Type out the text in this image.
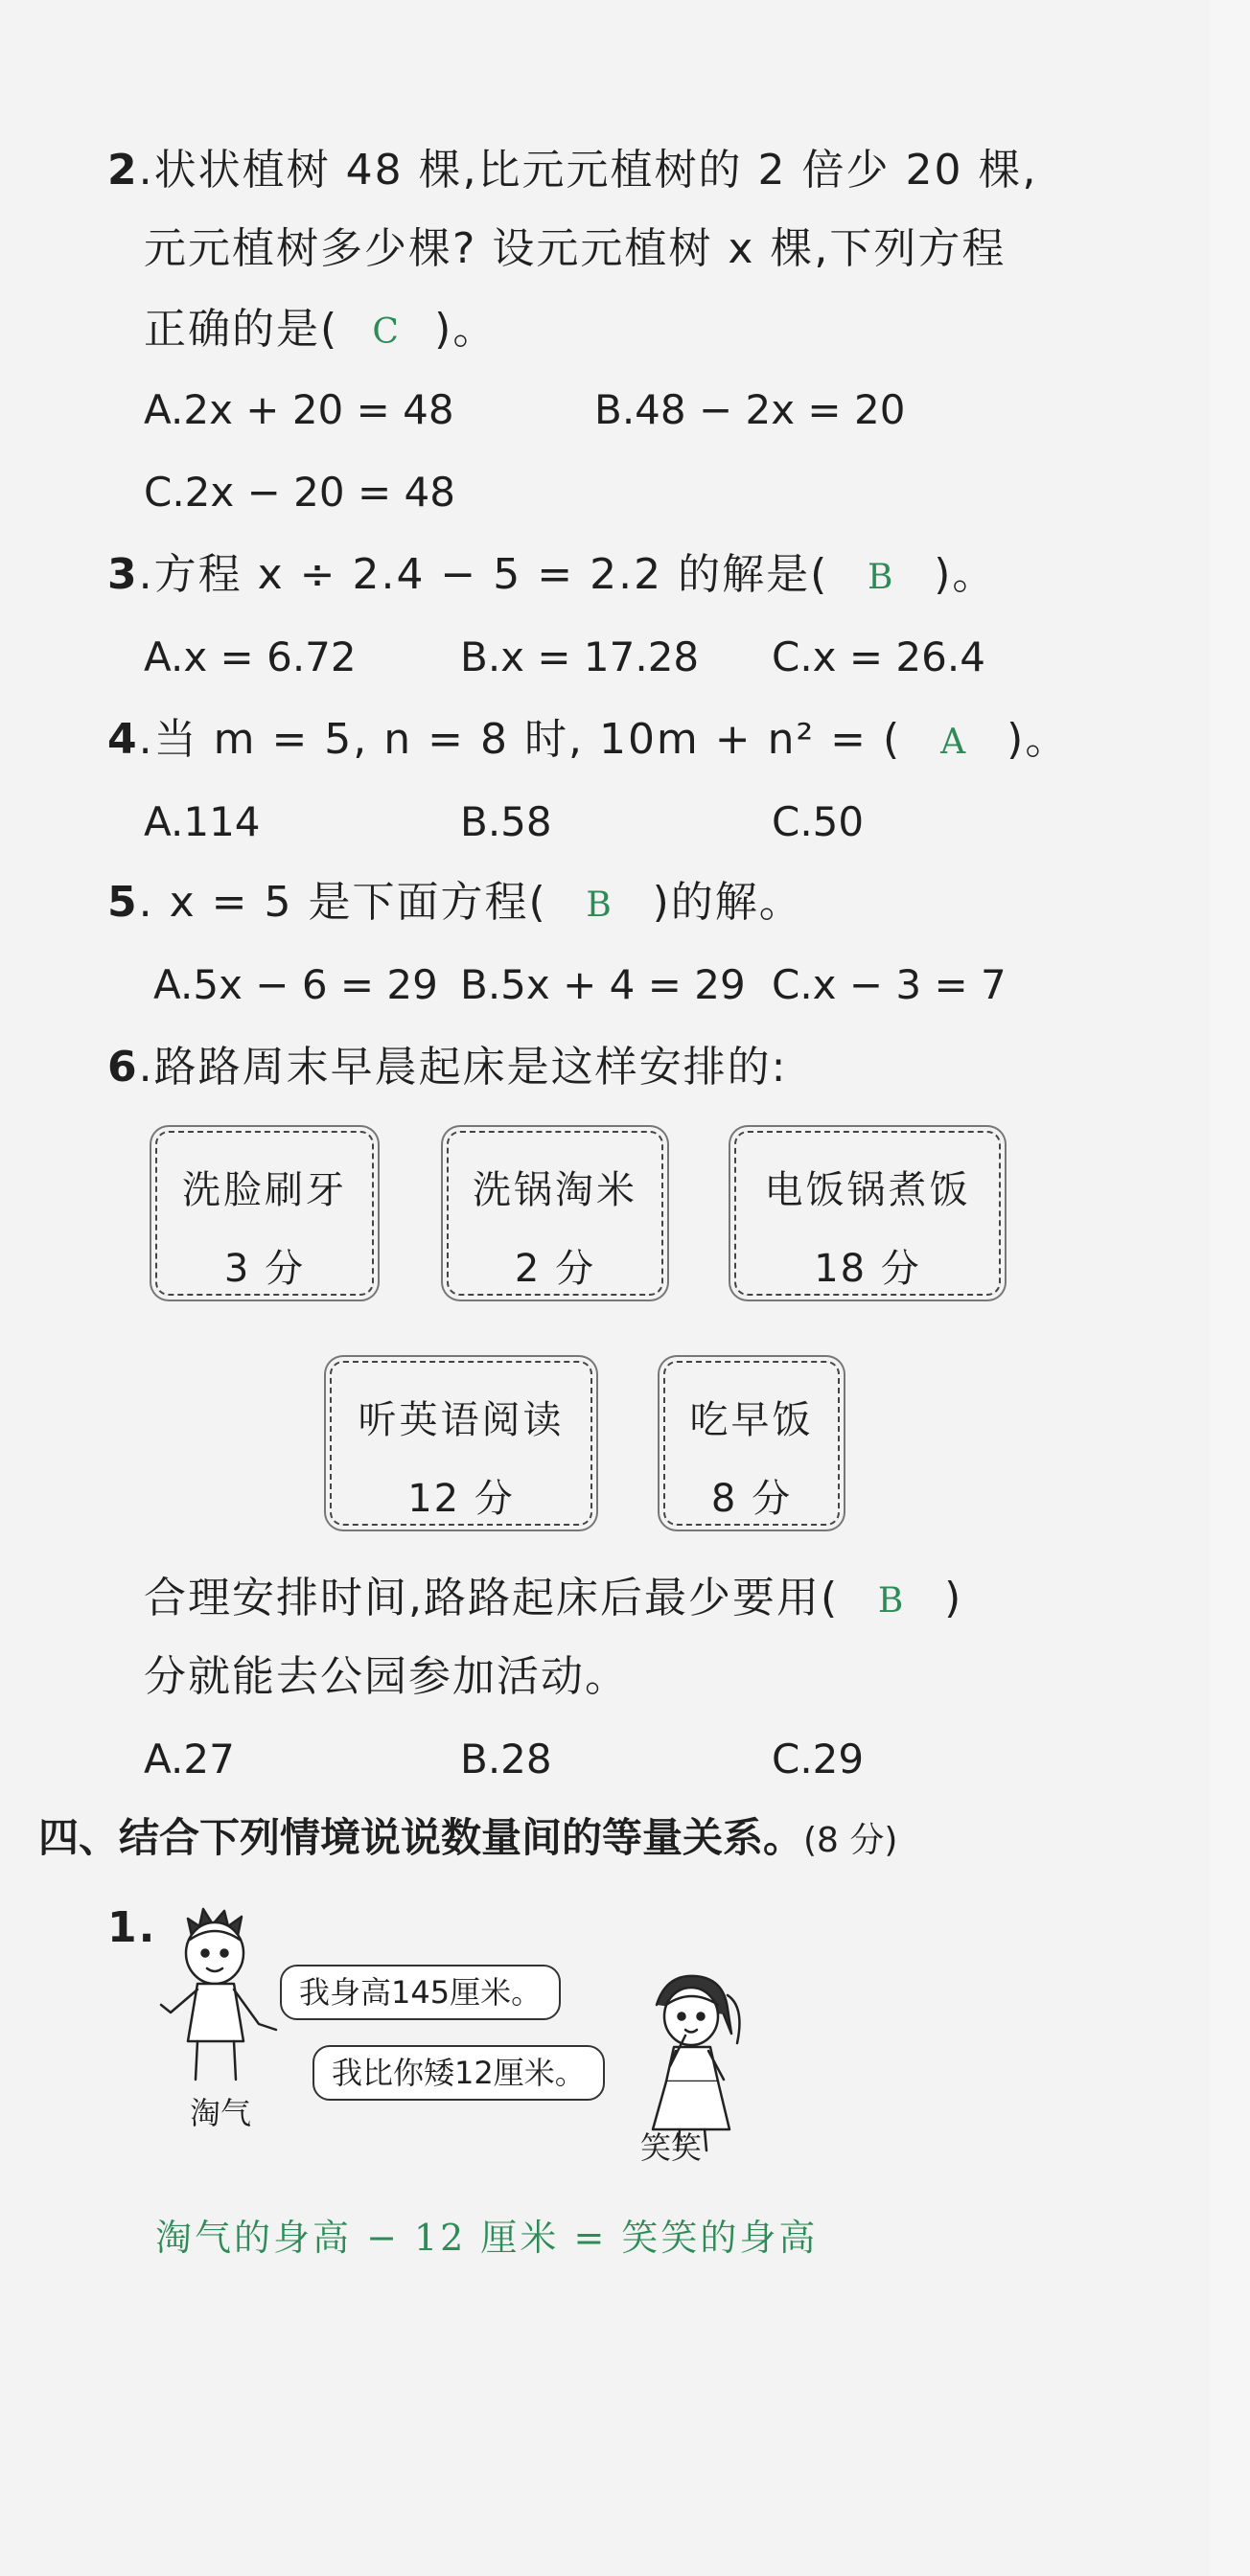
2.状状植树 48 棵,比元元植树的 2 倍少 20 棵,
元元植树多少棵? 设元元植树 x 棵,下列方程
正确的是( C )。
A.2x + 20 = 48	B.48 − 2x = 20
C.2x − 20 = 48
3.方程 x ÷ 2.4 − 5 = 2.2 的解是( B )。
A.x = 6.72	B.x = 17.28 C.x = 26.4
4.当 m = 5, n = 8 时, 10m + n² = ( A )。
A.114	B.58	C.50
5. x = 5 是下面方程( B )的解。
A.5x − 6 = 29 B.5x + 4 = 29 C.x − 3 = 7
6.路路周末早晨起床是这样安排的:
洗脸刷牙
3 分
洗锅淘米
2 分
电饭锅煮饭
18 分
听英语阅读
12 分
吃早饭
8 分
合理安排时间,路路起床后最少要用( B )
分就能去公园参加活动。
A.27	B.28	C.29
四、结合下列情境说说数量间的等量关系。(8 分)
1.
淘气
我身高145厘米。
我比你矮12厘米。
笑笑
淘气的身高 − 12 厘米 = 笑笑的身高
